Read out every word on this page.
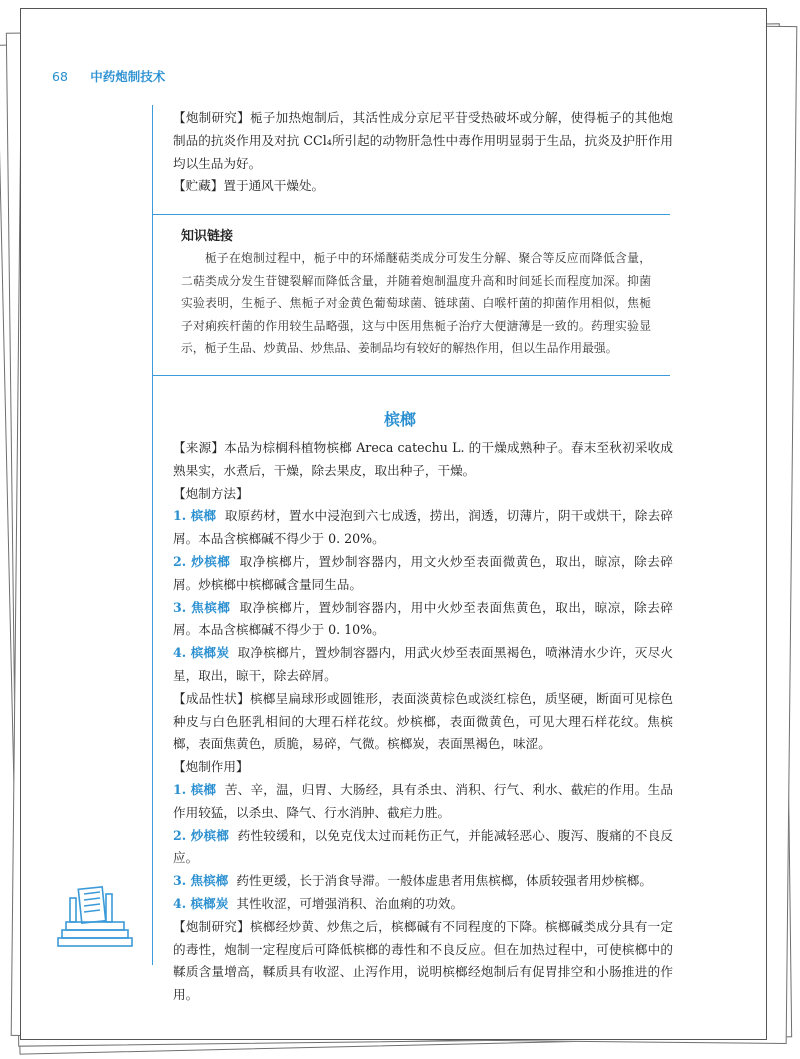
68 中药炮制技术

【炮制研究】栀子加热炮制后，其活性成分京尼平苷受热破坏或分解，使得栀子的其他炮制品的抗炎作用及对抗 CCl₄所引起的动物肝急性中毒作用明显弱于生品，抗炎及护肝作用均以生品为好。

【贮藏】置于通风干燥处。

知识链接
栀子在炮制过程中，栀子中的环烯醚萜类成分可发生分解、聚合等反应而降低含量，二萜类成分发生苷键裂解而降低含量，并随着炮制温度升高和时间延长而程度加深。抑菌实验表明，生栀子、焦栀子对金黄色葡萄球菌、链球菌、白喉杆菌的抑菌作用相似，焦栀子对痢疾杆菌的作用较生品略强，这与中医用焦栀子治疗大便溏薄是一致的。药理实验显示，栀子生品、炒黄品、炒焦品、姜制品均有较好的解热作用，但以生品作用最强。
槟榔

【来源】本品为棕榈科植物槟榔 Areca catechu L. 的干燥成熟种子。春末至秋初采收成熟果实，水煮后，干燥，除去果皮，取出种子，干燥。

【炮制方法】

1. 槟榔 取原药材，置水中浸泡到六七成透，捞出，润透，切薄片，阴干或烘干，除去碎屑。本品含槟榔碱不得少于 0. 20%。

2. 炒槟榔 取净槟榔片，置炒制容器内，用文火炒至表面微黄色，取出，晾凉，除去碎屑。炒槟榔中槟榔碱含量同生品。

3. 焦槟榔 取净槟榔片，置炒制容器内，用中火炒至表面焦黄色，取出，晾凉，除去碎屑。本品含槟榔碱不得少于 0. 10%。

4. 槟榔炭 取净槟榔片，置炒制容器内，用武火炒至表面黑褐色，喷淋清水少许，灭尽火星，取出，晾干，除去碎屑。

【成品性状】槟榔呈扁球形或圆锥形，表面淡黄棕色或淡红棕色，质坚硬，断面可见棕色种皮与白色胚乳相间的大理石样花纹。炒槟榔，表面微黄色，可见大理石样花纹。焦槟榔，表面焦黄色，质脆，易碎，气微。槟榔炭，表面黑褐色，味涩。

【炮制作用】

1. 槟榔 苦、辛，温，归胃、大肠经，具有杀虫、消积、行气、利水、截疟的作用。生品作用较猛，以杀虫、降气、行水消肿、截疟力胜。

2. 炒槟榔 药性较缓和，以免克伐太过而耗伤正气，并能减轻恶心、腹泻、腹痛的不良反应。

3. 焦槟榔 药性更缓，长于消食导滞。一般体虚患者用焦槟榔，体质较强者用炒槟榔。

4. 槟榔炭 其性收涩，可增强消积、治血痢的功效。

【炮制研究】槟榔经炒黄、炒焦之后，槟榔碱有不同程度的下降。槟榔碱类成分具有一定的毒性，炮制一定程度后可降低槟榔的毒性和不良反应。但在加热过程中，可使槟榔中的鞣质含量增高，鞣质具有收涩、止泻作用，说明槟榔经炮制后有促胃排空和小肠推进的作用。
